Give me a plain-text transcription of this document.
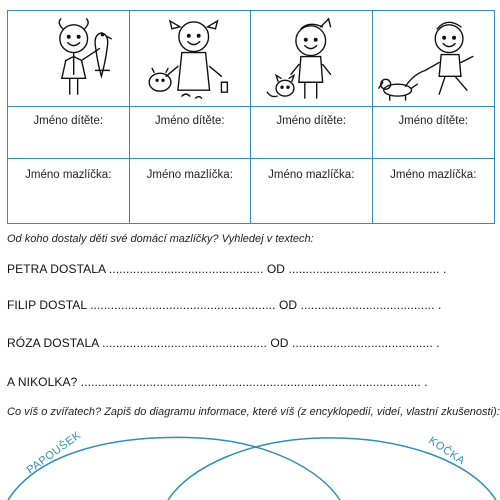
Jméno dítěte:	Jméno dítěte:	Jméno dítěte:	Jméno dítěte:
Jméno mazlíčka:	Jméno mazlíčka:	Jméno mazlíčka:	Jméno mazlíčka:
Od koho dostaly děti své domácí mazlíčky? Vyhledej v textech:
PETRA DOSTALA ............................................. OD ............................................ .
FILIP DOSTAL ...................................................... OD ....................................... .
RÓZA DOSTALA ................................................ OD ......................................... .
A NIKOLKA? ................................................................................................... .
Co víš o zvířatech? Zapiš do diagramu informace, které víš (z encyklopedií, videí, vlastní zkušenosti):
PAPOUŠEK	KOČKA
